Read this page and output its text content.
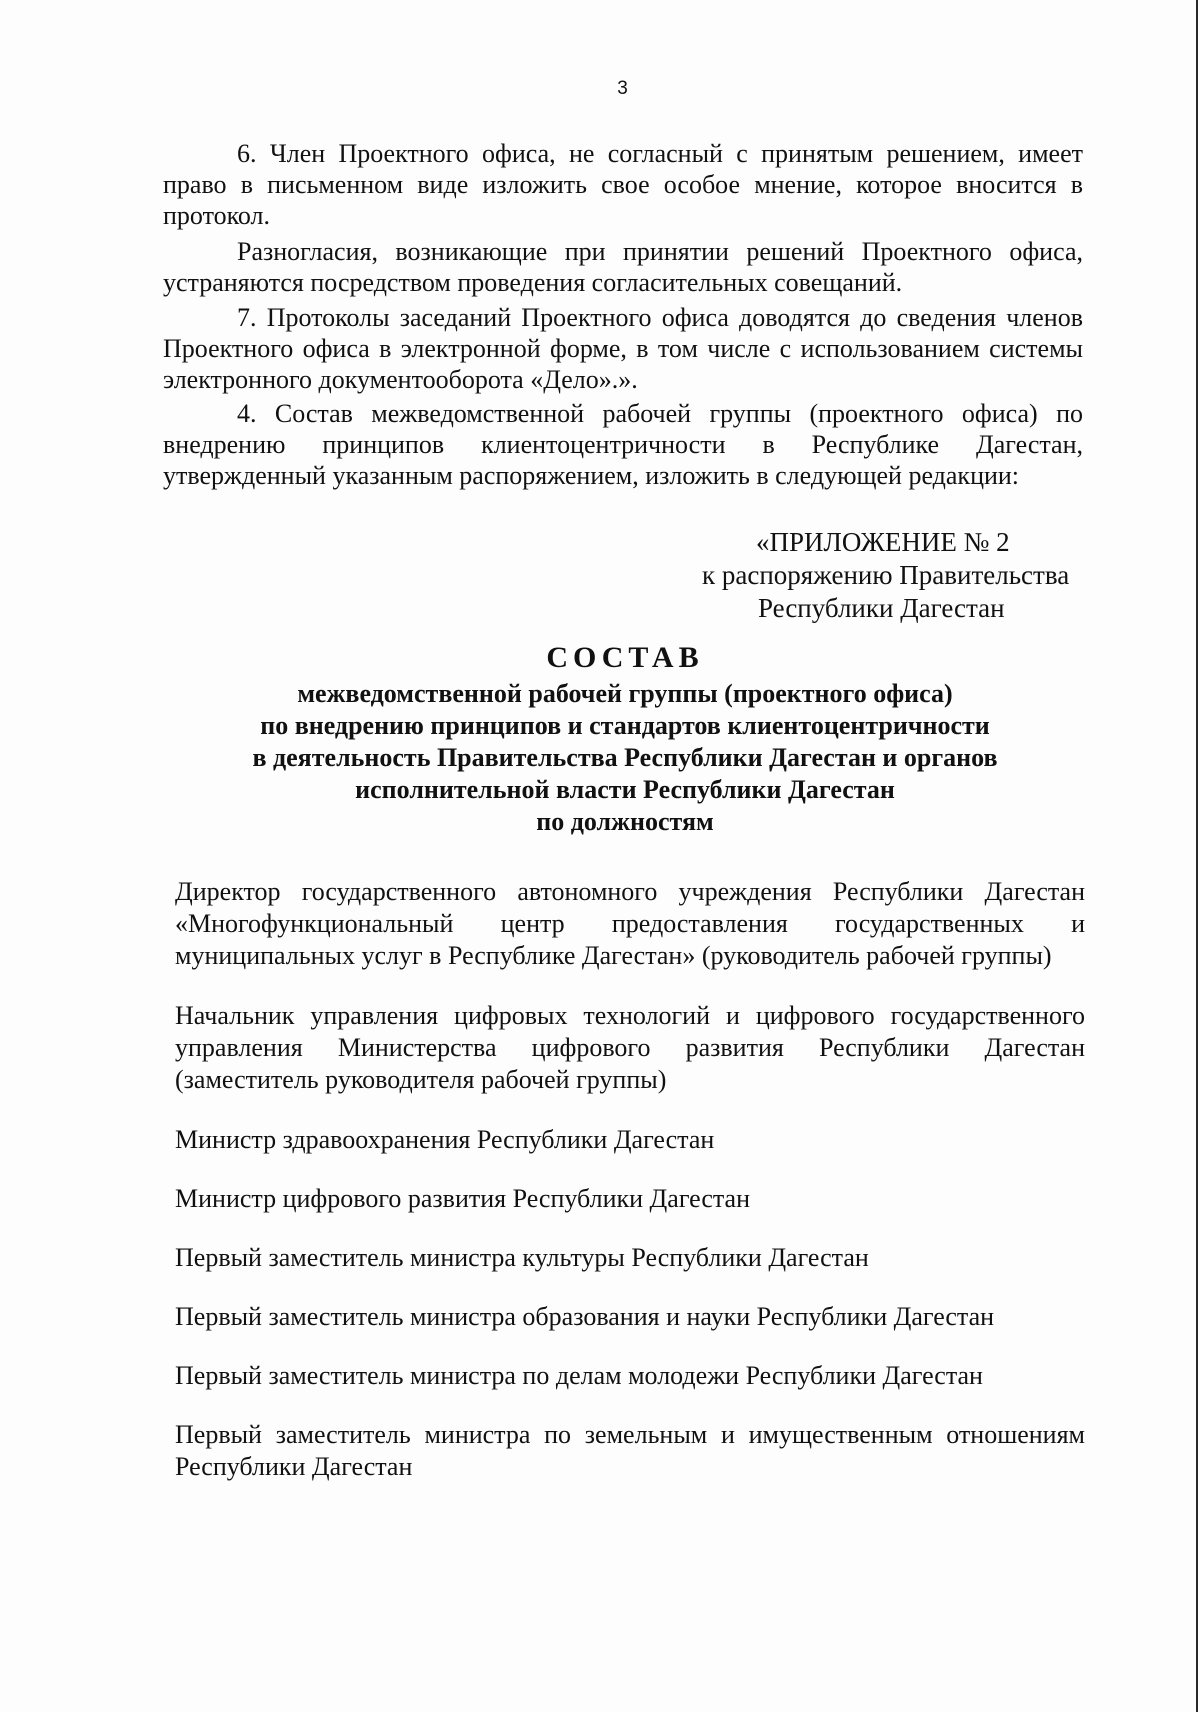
3

6. Член Проектного офиса, не согласный с принятым решением, имеет право в письменном виде изложить свое особое мнение, которое вносится в протокол.

Разногласия, возникающие при принятии решений Проектного офиса, устраняются посредством проведения согласительных совещаний.

7. Протоколы заседаний Проектного офиса доводятся до сведения членов Проектного офиса в электронной форме, в том числе с использованием системы электронного документооборота «Дело».».

4. Состав межведомственной рабочей группы (проектного офиса) по внедрению принципов клиентоцентричности в Республике Дагестан, утвержденный указанным распоряжением, изложить в следующей редакции:

«ПРИЛОЖЕНИЕ № 2
к распоряжению Правительства
Республики Дагестан
СОСТАВ
межведомственной рабочей группы (проектного офиса)
по внедрению принципов и стандартов клиентоцентричности
в деятельность Правительства Республики Дагестан и органов
исполнительной власти Республики Дагестан
по должностям

Директор государственного автономного учреждения Республики Дагестан «Многофункциональный центр предоставления государственных и муниципальных услуг в Республике Дагестан» (руководитель рабочей группы)

Начальник управления цифровых технологий и цифрового государственного управления Министерства цифрового развития Республики Дагестан (заместитель руководителя рабочей группы)

Министр здравоохранения Республики Дагестан

Министр цифрового развития Республики Дагестан

Первый заместитель министра культуры Республики Дагестан

Первый заместитель министра образования и науки Республики Дагестан

Первый заместитель министра по делам молодежи Республики Дагестан

Первый заместитель министра по земельным и имущественным отношениям Республики Дагестан
